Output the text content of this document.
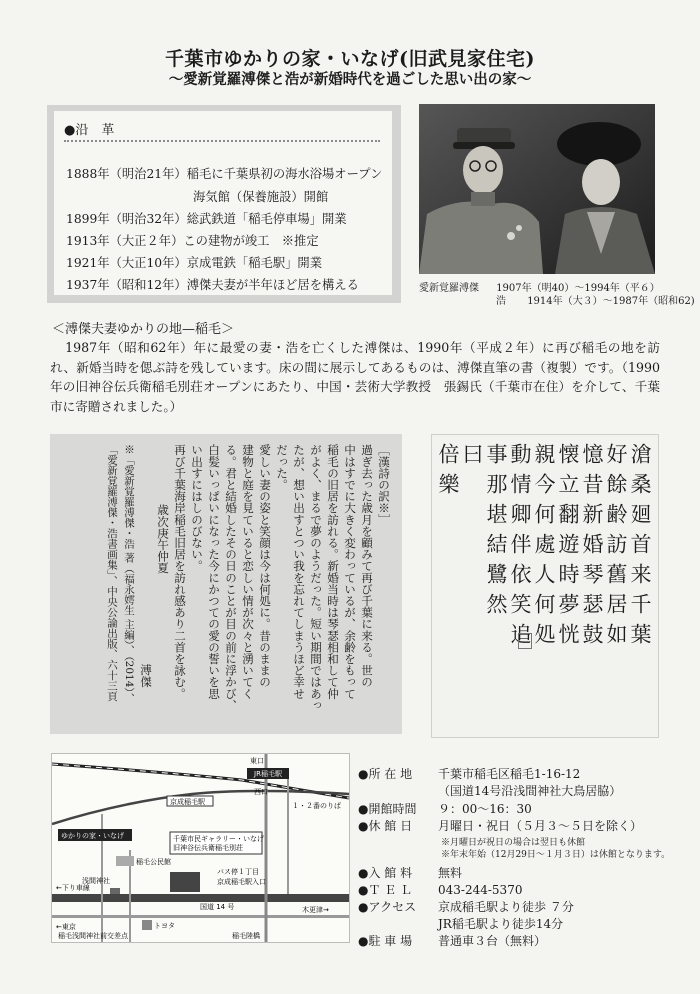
千葉市ゆかりの家・いなげ(旧武見家住宅)
〜愛新覚羅溥傑と浩が新婚時代を過ごした思い出の家〜
●沿　革
1888年（明治21年）稲毛に千葉県初の海水浴場オープン
海気館（保養施設）開館
1899年（明治32年）総武鉄道「稲毛停車場」開業
1913年（大正２年）この建物が竣工　※推定
1921年（大正10年）京成電鉄「稲毛駅」開業
1937年（昭和12年）溥傑夫妻が半年ほど居を構える	愛新覚羅溥傑 1907年（明40）〜1994年（平６）
浩 1914年（大３）〜1987年（昭和62)
＜溥傑夫妻ゆかりの地—稲毛＞
1987年（昭和62年）年に最愛の妻・浩を亡くした溥傑は、1990年（平成２年）に再び稲毛の地を訪れ、新婚当時を偲ぶ詩を残しています。床の間に展示してあるものは、溥傑直筆の書（複製）です。（1990年の旧神谷伝兵衛稲毛別荘オープンにあたり、中国・芸術大学教授　張錫氏（千葉市在住）を介して、千葉市に寄贈されました。）
［漢詩の訳※］
過ぎ去った歳月を顧みて再び千葉に来る。世の
中はすでに大きく変わっているが、余齢をもって
稲毛の旧居を訪れる。新婚当時は琴瑟相和して仲
がよく、まるで夢のようだった。短い期間ではあっ
たが、想い出すとつい我を忘れてしまうほど幸せ
だった。
愛しい妻の姿と笑顔は今は何処に。昔のままの
建物と庭を見ていると恋しい情が次々と湧いてく
る。君と結婚したその日のことが目の前に浮かび、
白髪いっぱいになった今にかつての愛の誓いを思
い出すにはしのびない。
再び千葉海岸稲毛旧居を訪れ感あり二首を詠む。
歳次庚午仲夏
溥傑
※「愛新覚羅溥傑・浩 著（福永嫮生 主編）、（2014）、
「愛新覚羅溥傑・浩書画集」、中央公論出版、六十三頁	滄桑廻首来千葉
好餘齢訪舊居如
憶昔新婚琴瑟鼓
懐立翻遊時夢恍
親今何處人何処
動情卿伴依笑追
事那堪結鷺然
曰
倍樂
JR稲毛駅
東口
西口
京成稲毛駅	１・２番のりば
ゆかりの家・いなげ	千葉市民ギャラリー・いなげ
旧神谷伝兵衛稲毛別荘
稲毛公民館
浅間神社
バス停１丁目
京成稲毛駅入口
国道 14 号
←下り車線
←東京
木更津→
トヨタ
稲毛浅間神社前交差点	稲毛陸橋
●所 在 地 千葉市稲毛区稲毛1-16-12
（国道14号沿浅間神社大鳥居脇）
●開館時間 ９：00〜16：30
●休 館 日 月曜日・祝日（５月３〜５日を除く）
※月曜日が祝日の場合は翌日も休館
※年末年始（12月29日〜１月３日）は休館となります。
●入 館 料 無料
●Ｔ Ｅ Ｌ 043-244-5370
●アクセス 京成稲毛駅より徒歩 ７分
JR稲毛駅より徒歩14分
●駐 車 場 普通車３台（無料）
